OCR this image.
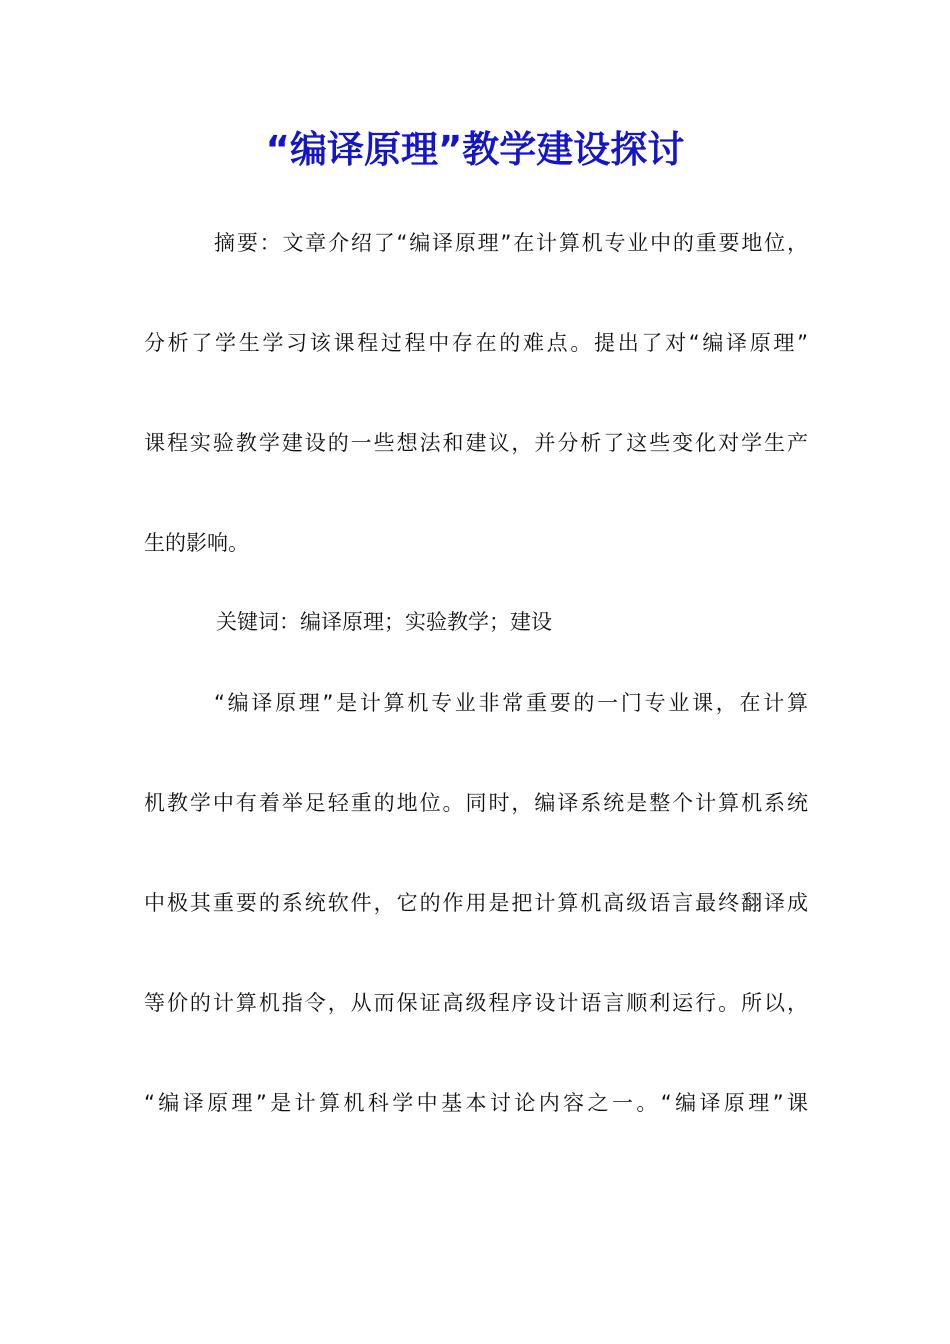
“编译原理”教学建设探讨

摘要：文章介绍了“编译原理”在计算机专业中的重要地位，

分析了学生学习该课程过程中存在的难点。提出了对“编译原理”

课程实验教学建设的一些想法和建议，并分析了这些变化对学生产

生的影响。

关键词：编译原理；实验教学；建设

“编译原理”是计算机专业非常重要的一门专业课，在计算

机教学中有着举足轻重的地位。同时，编译系统是整个计算机系统

中极其重要的系统软件，它的作用是把计算机高级语言最终翻译成

等价的计算机指令，从而保证高级程序设计语言顺利运行。所以，

“编译原理”是计算机科学中基本讨论内容之一。“编译原理”课
